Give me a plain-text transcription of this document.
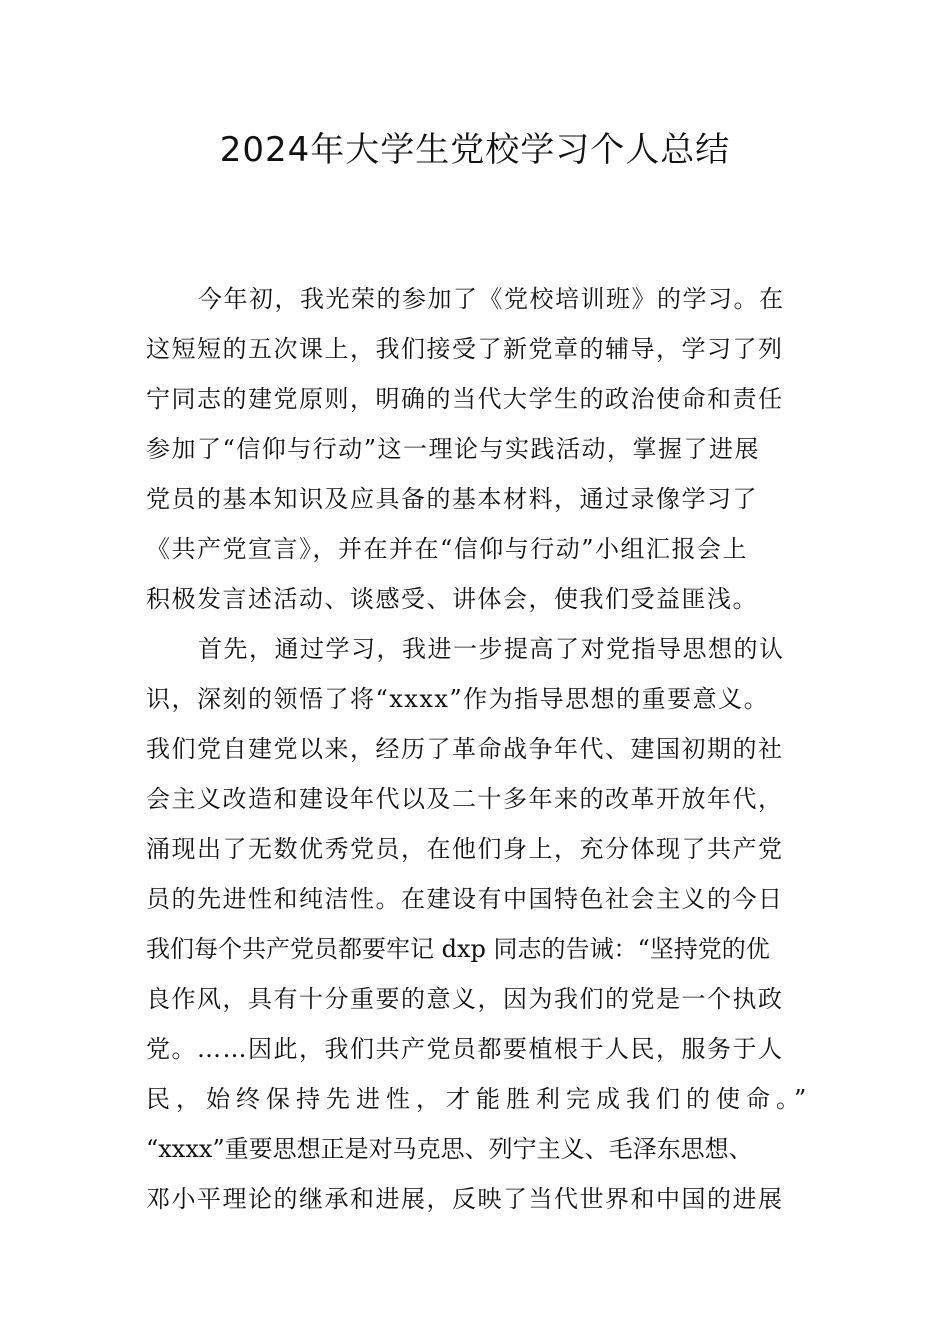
2024年大学生党校学习个人总结
今年初，我光荣的参加了《党校培训班》的学习。在
这短短的五次课上，我们接受了新党章的辅导，学习了列
宁同志的建党原则，明确的当代大学生的政治使命和责任
参加了“信仰与行动”这一理论与实践活动，掌握了进展
党员的基本知识及应具备的基本材料，通过录像学习了
《共产党宣言》，并在并在“信仰与行动”小组汇报会上
积极发言述活动、谈感受、讲体会，使我们受益匪浅。
首先，通过学习，我进一步提高了对党指导思想的认
识，深刻的领悟了将“xxxx”作为指导思想的重要意义。
我们党自建党以来，经历了革命战争年代、建国初期的社
会主义改造和建设年代以及二十多年来的改革开放年代，
涌现出了无数优秀党员，在他们身上，充分体现了共产党
员的先进性和纯洁性。在建设有中国特色社会主义的今日
我们每个共产党员都要牢记 dxp 同志的告诫：“坚持党的优
良作风，具有十分重要的意义，因为我们的党是一个执政
党。……因此，我们共产党员都要植根于人民，服务于人
民，始终保持先进性，才能胜利完成我们的使命。”
“xxxx”重要思想正是对马克思、列宁主义、毛泽东思想、
邓小平理论的继承和进展，反映了当代世界和中国的进展
